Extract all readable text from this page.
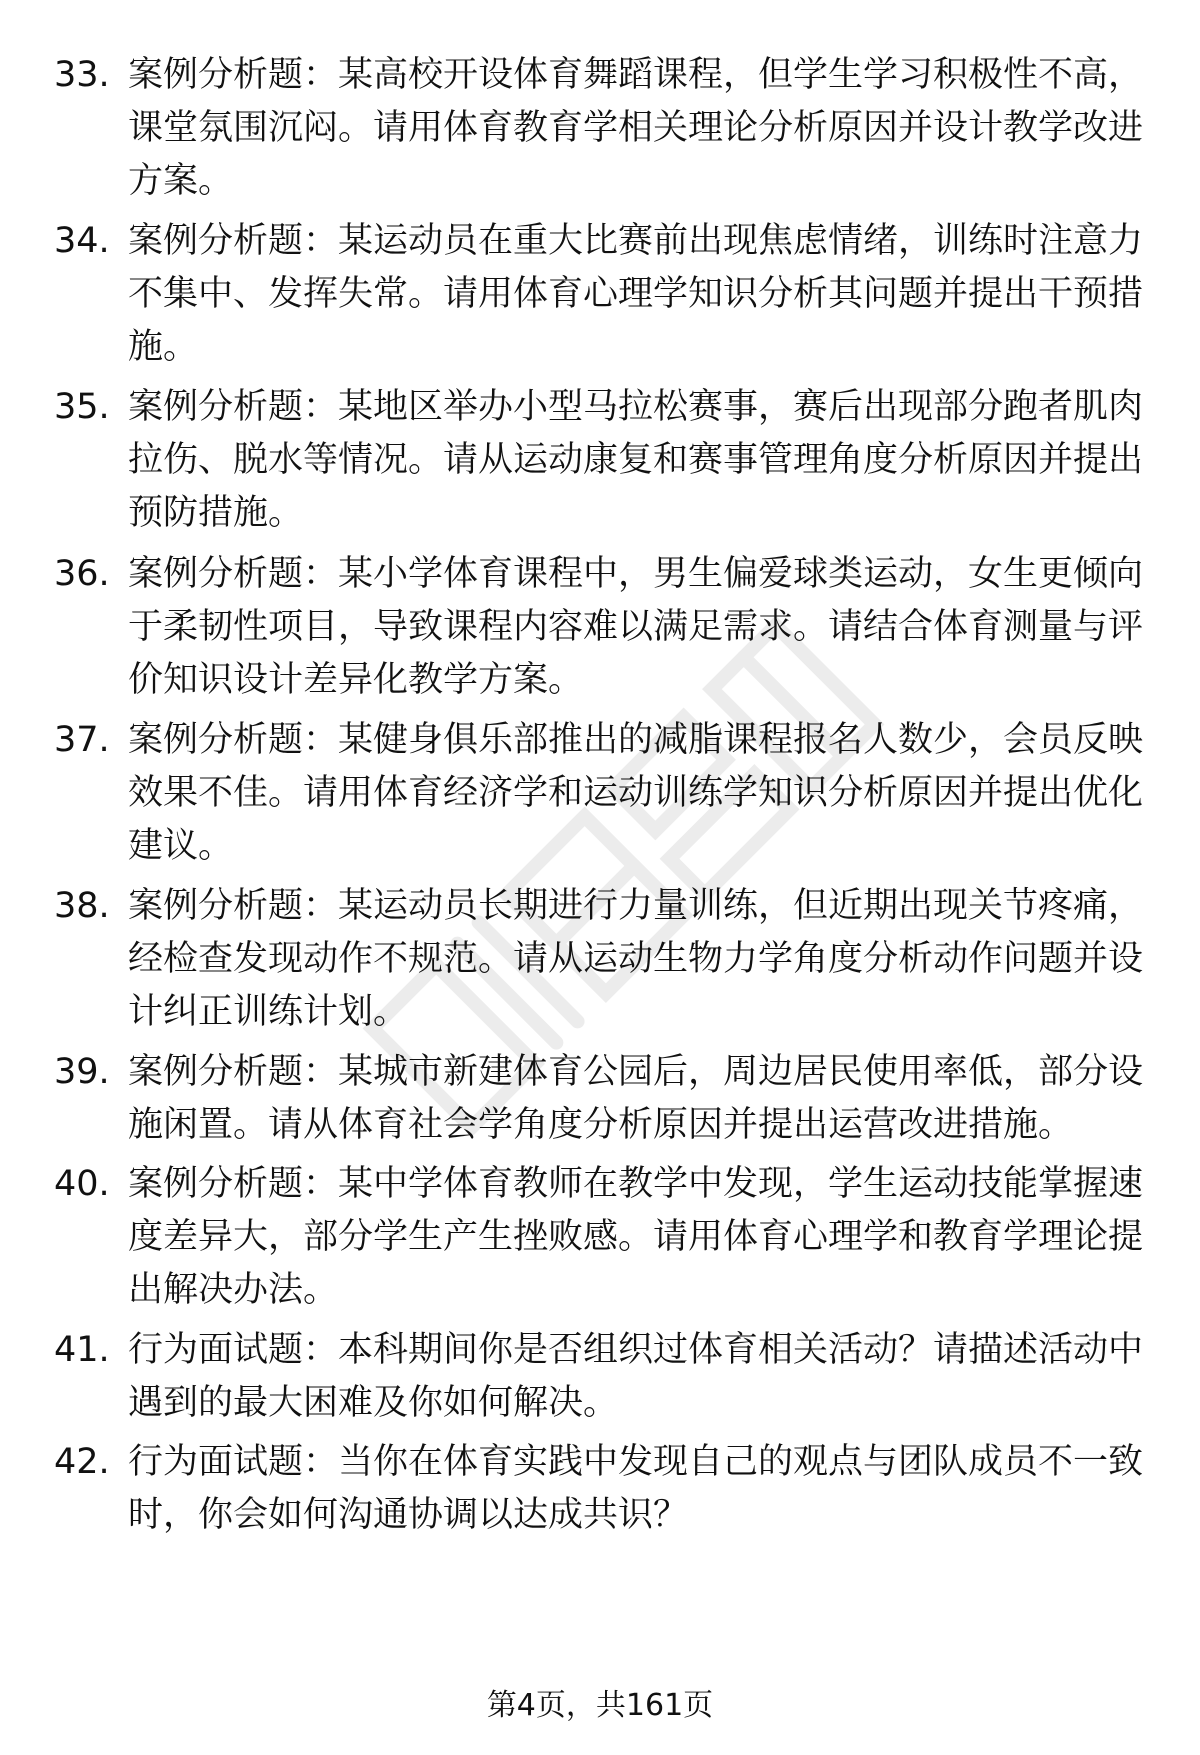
33. 案例分析题：某高校开设体育舞蹈课程，但学生学习积极性不高，课堂氛围沉闷。请用体育教育学相关理论分析原因并设计教学改进方案。
34. 案例分析题：某运动员在重大比赛前出现焦虑情绪，训练时注意力不集中、发挥失常。请用体育心理学知识分析其问题并提出干预措施。
35. 案例分析题：某地区举办小型马拉松赛事，赛后出现部分跑者肌肉拉伤、脱水等情况。请从运动康复和赛事管理角度分析原因并提出预防措施。
36. 案例分析题：某小学体育课程中，男生偏爱球类运动，女生更倾向于柔韧性项目，导致课程内容难以满足需求。请结合体育测量与评价知识设计差异化教学方案。
37. 案例分析题：某健身俱乐部推出的减脂课程报名人数少，会员反映效果不佳。请用体育经济学和运动训练学知识分析原因并提出优化建议。
38. 案例分析题：某运动员长期进行力量训练，但近期出现关节疼痛，经检查发现动作不规范。请从运动生物力学角度分析动作问题并设计纠正训练计划。
39. 案例分析题：某城市新建体育公园后，周边居民使用率低，部分设施闲置。请从体育社会学角度分析原因并提出运营改进措施。
40. 案例分析题：某中学体育教师在教学中发现，学生运动技能掌握速度差异大，部分学生产生挫败感。请用体育心理学和教育学理论提出解决办法。
41. 行为面试题：本科期间你是否组织过体育相关活动？请描述活动中遇到的最大困难及你如何解决。
42. 行为面试题：当你在体育实践中发现自己的观点与团队成员不一致时，你会如何沟通协调以达成共识？
第4页，共161页
